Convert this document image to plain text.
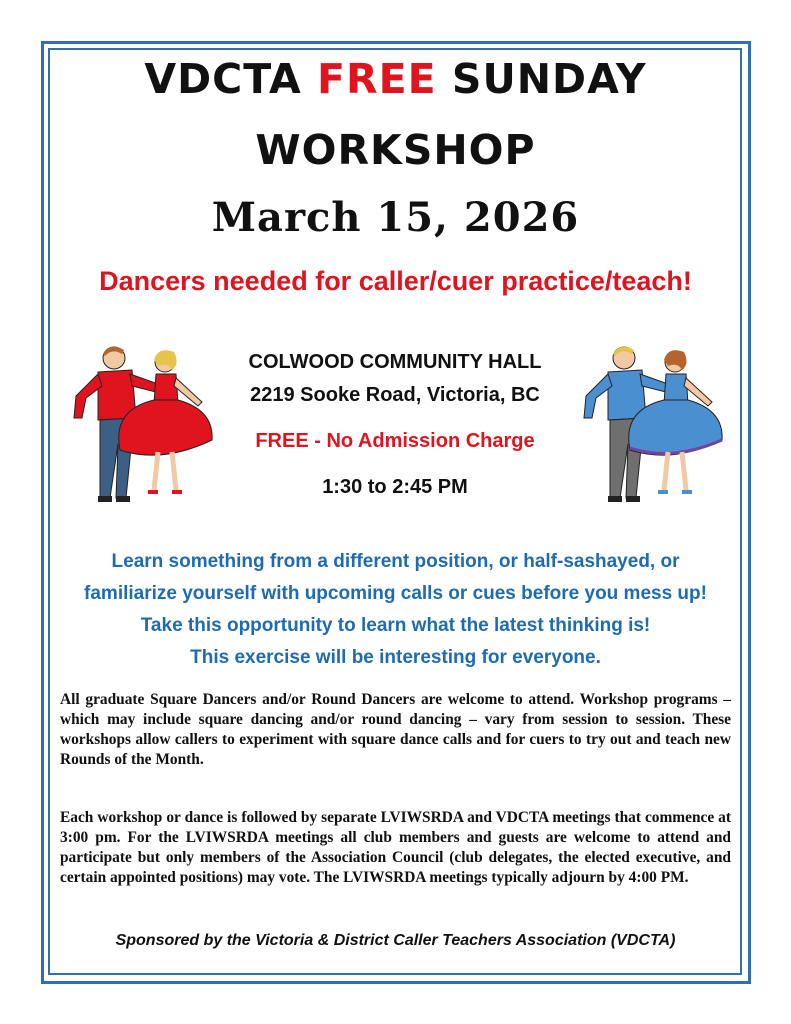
VDCTA FREE SUNDAY
WORKSHOP
March 15, 2026
Dancers needed for caller/cuer practice/teach!
COLWOOD COMMUNITY HALL
2219 Sooke Road, Victoria, BC
FREE - No Admission Charge
1:30 to 2:45 PM
Learn something from a different position, or half-sashayed, or
familiarize yourself with upcoming calls or cues before you mess up!
Take this opportunity to learn what the latest thinking is!
This exercise will be interesting for everyone.
All graduate Square Dancers and/or Round Dancers are welcome to attend. Workshop programs – which may include square dancing and/or round dancing – vary from session to session. These workshops allow callers to experiment with square dance calls and for cuers to try out and teach new Rounds of the Month.
Each workshop or dance is followed by separate LVIWSRDA and VDCTA meetings that commence at 3:00 pm. For the LVIWSRDA meetings all club members and guests are welcome to attend and participate but only members of the Association Council (club delegates, the elected executive, and certain appointed positions) may vote. The LVIWSRDA meetings typically adjourn by 4:00 PM.
Sponsored by the Victoria & District Caller Teachers Association (VDCTA)
